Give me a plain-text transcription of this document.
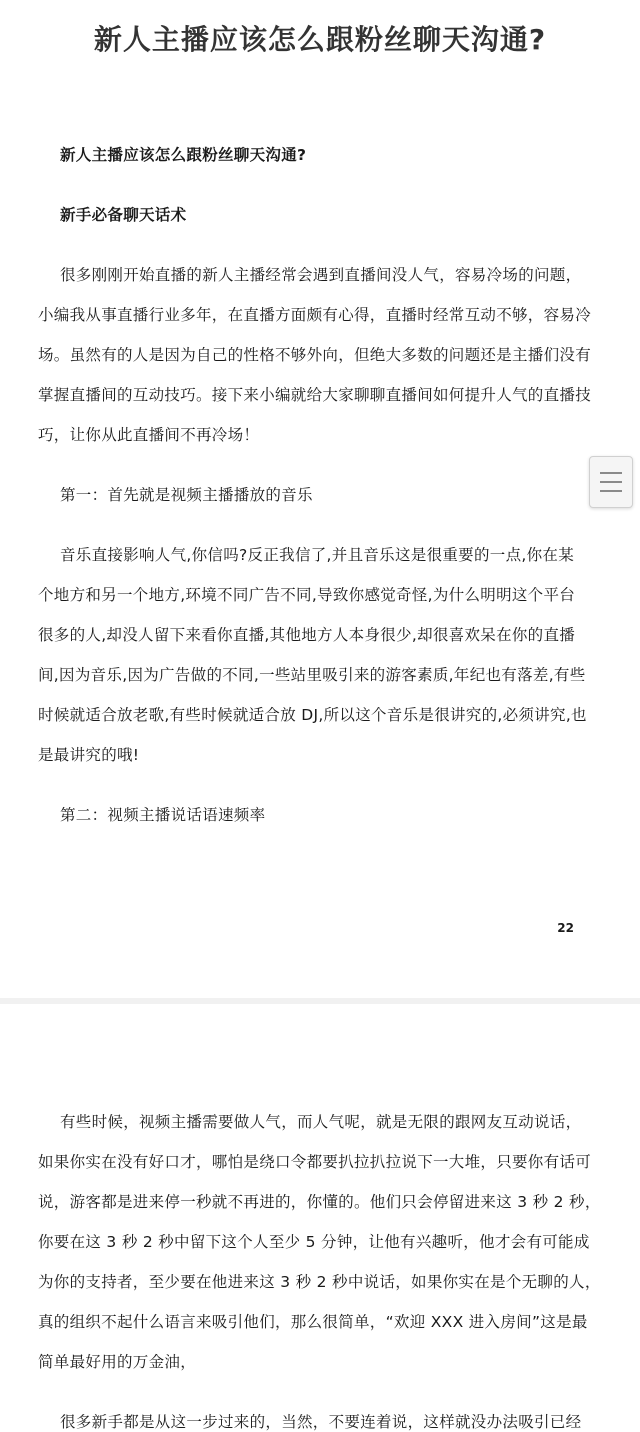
新人主播应该怎么跟粉丝聊天沟通?
新人主播应该怎么跟粉丝聊天沟通?
新手必备聊天话术
很多刚刚开始直播的新人主播经常会遇到直播间没人气，容易冷场的问题，
小编我从事直播行业多年，在直播方面颇有心得，直播时经常互动不够，容易冷
场。虽然有的人是因为自己的性格不够外向，但绝大多数的问题还是主播们没有
掌握直播间的互动技巧。接下来小编就给大家聊聊直播间如何提升人气的直播技
巧，让你从此直播间不再冷场！
第一：首先就是视频主播播放的音乐
音乐直接影响人气,你信吗?反正我信了,并且音乐这是很重要的一点,你在某
个地方和另一个地方,环境不同广告不同,导致你感觉奇怪,为什么明明这个平台
很多的人,却没人留下来看你直播,其他地方人本身很少,却很喜欢呆在你的直播
间,因为音乐,因为广告做的不同,一些站里吸引来的游客素质,年纪也有落差,有些
时候就适合放老歌,有些时候就适合放 DJ,所以这个音乐是很讲究的,必须讲究,也
是最讲究的哦!
第二：视频主播说话语速频率
22
有些时候，视频主播需要做人气，而人气呢，就是无限的跟网友互动说话，
如果你实在没有好口才，哪怕是绕口令都要扒拉扒拉说下一大堆，只要你有话可
说，游客都是进来停一秒就不再进的，你懂的。他们只会停留进来这 3 秒 2 秒，
你要在这 3 秒 2 秒中留下这个人至少 5 分钟，让他有兴趣听，他才会有可能成
为你的支持者，至少要在他进来这 3 秒 2 秒中说话，如果你实在是个无聊的人，
真的组织不起什么语言来吸引他们，那么很简单，“欢迎 XXX 进入房间”这是最
简单最好用的万金油，
很多新手都是从这一步过来的，当然，不要连着说，这样就没办法吸引已经
